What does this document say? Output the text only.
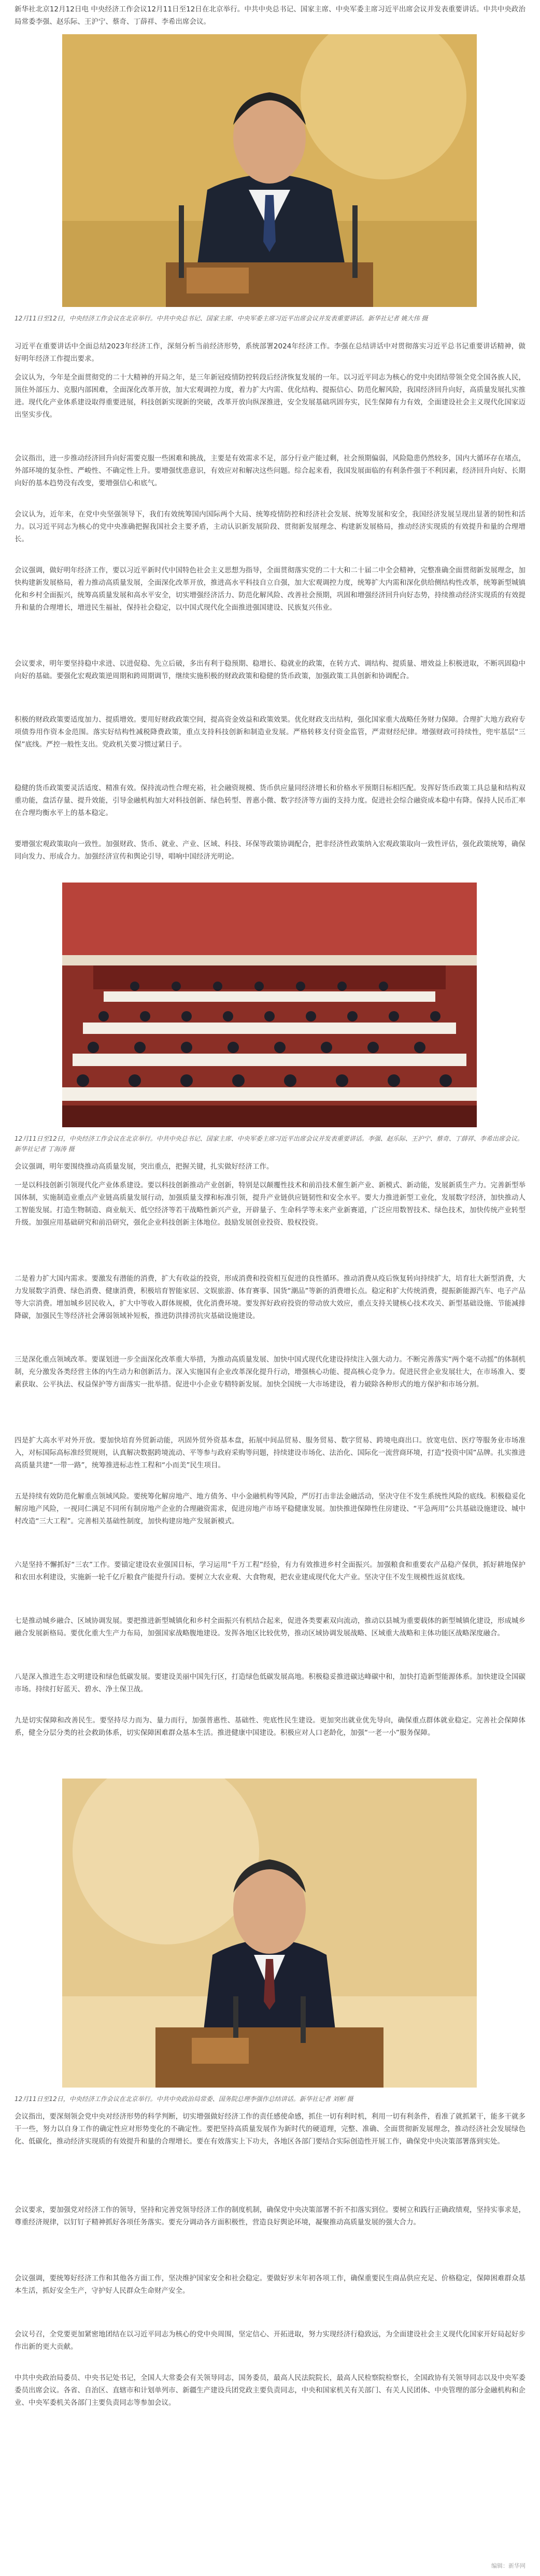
新华社北京12月12日电 中央经济工作会议12月11日至12日在北京举行。中共中央总书记、国家主席、中央军委主席习近平出席会议并发表重要讲话。中共中央政治局常委李强、赵乐际、王沪宁、蔡奇、丁薛祥、李希出席会议。

12月11日至12日，中央经济工作会议在北京举行。中共中央总书记、国家主席、中央军委主席习近平出席会议并发表重要讲话。新华社记者 姚大伟 摄

习近平在重要讲话中全面总结2023年经济工作，深刻分析当前经济形势，系统部署2024年经济工作。李强在总结讲话中对贯彻落实习近平总书记重要讲话精神，做好明年经济工作提出要求。

会议认为，今年是全面贯彻党的二十大精神的开局之年，是三年新冠疫情防控转段后经济恢复发展的一年。以习近平同志为核心的党中央团结带领全党全国各族人民，顶住外部压力、克服内部困难，全面深化改革开放，加大宏观调控力度，着力扩大内需、优化结构、提振信心、防范化解风险，我国经济回升向好，高质量发展扎实推进。现代化产业体系建设取得重要进展，科技创新实现新的突破，改革开放向纵深推进，安全发展基础巩固夯实，民生保障有力有效，全面建设社会主义现代化国家迈出坚实步伐。

会议指出，进一步推动经济回升向好需要克服一些困难和挑战，主要是有效需求不足，部分行业产能过剩，社会预期偏弱，风险隐患仍然较多，国内大循环存在堵点，外部环境的复杂性、严峻性、不确定性上升。要增强忧患意识，有效应对和解决这些问题。综合起来看，我国发展面临的有利条件强于不利因素，经济回升向好、长期向好的基本趋势没有改变，要增强信心和底气。

会议认为，近年来，在党中央坚强领导下，我们有效统筹国内国际两个大局、统筹疫情防控和经济社会发展、统筹发展和安全，我国经济发展呈现出显著的韧性和活力。以习近平同志为核心的党中央准确把握我国社会主要矛盾，主动认识新发展阶段、贯彻新发展理念、构建新发展格局，推动经济实现质的有效提升和量的合理增长。

会议强调，做好明年经济工作，要以习近平新时代中国特色社会主义思想为指导，全面贯彻落实党的二十大和二十届二中全会精神，完整准确全面贯彻新发展理念，加快构建新发展格局，着力推动高质量发展，全面深化改革开放，推进高水平科技自立自强，加大宏观调控力度，统筹扩大内需和深化供给侧结构性改革，统筹新型城镇化和乡村全面振兴，统筹高质量发展和高水平安全，切实增强经济活力、防范化解风险、改善社会预期，巩固和增强经济回升向好态势，持续推动经济实现质的有效提升和量的合理增长，增进民生福祉，保持社会稳定，以中国式现代化全面推进强国建设、民族复兴伟业。

会议要求，明年要坚持稳中求进、以进促稳、先立后破，多出有利于稳预期、稳增长、稳就业的政策，在转方式、调结构、提质量、增效益上积极进取，不断巩固稳中向好的基础。要强化宏观政策逆周期和跨周期调节，继续实施积极的财政政策和稳健的货币政策，加强政策工具创新和协调配合。

积极的财政政策要适度加力、提质增效。要用好财政政策空间，提高资金效益和政策效果。优化财政支出结构，强化国家重大战略任务财力保障。合理扩大地方政府专项债券用作资本金范围。落实好结构性减税降费政策，重点支持科技创新和制造业发展。严格转移支付资金监管，严肃财经纪律。增强财政可持续性，兜牢基层“三保”底线。严控一般性支出。党政机关要习惯过紧日子。

稳健的货币政策要灵活适度、精准有效。保持流动性合理充裕，社会融资规模、货币供应量同经济增长和价格水平预期目标相匹配。发挥好货币政策工具总量和结构双重功能，盘活存量、提升效能，引导金融机构加大对科技创新、绿色转型、普惠小微、数字经济等方面的支持力度。促进社会综合融资成本稳中有降。保持人民币汇率在合理均衡水平上的基本稳定。

要增强宏观政策取向一致性。加强财政、货币、就业、产业、区域、科技、环保等政策协调配合，把非经济性政策纳入宏观政策取向一致性评估，强化政策统筹，确保同向发力、形成合力。加强经济宣传和舆论引导，唱响中国经济光明论。

12月11日至12日，中央经济工作会议在北京举行。中共中央总书记、国家主席、中央军委主席习近平出席会议并发表重要讲话。李强、赵乐际、王沪宁、蔡奇、丁薛祥、李希出席会议。新华社记者 丁海涛 摄

会议强调，明年要围绕推动高质量发展，突出重点，把握关键，扎实做好经济工作。

一是以科技创新引领现代化产业体系建设。要以科技创新推动产业创新，特别是以颠覆性技术和前沿技术催生新产业、新模式、新动能，发展新质生产力。完善新型举国体制，实施制造业重点产业链高质量发展行动，加强质量支撑和标准引领，提升产业链供应链韧性和安全水平。要大力推进新型工业化，发展数字经济，加快推动人工智能发展。打造生物制造、商业航天、低空经济等若干战略性新兴产业，开辟量子、生命科学等未来产业新赛道，广泛应用数智技术、绿色技术，加快传统产业转型升级。加强应用基础研究和前沿研究，强化企业科技创新主体地位。鼓励发展创业投资、股权投资。

二是着力扩大国内需求。要激发有潜能的消费，扩大有收益的投资，形成消费和投资相互促进的良性循环。推动消费从疫后恢复转向持续扩大，培育壮大新型消费，大力发展数字消费、绿色消费、健康消费，积极培育智能家居、文娱旅游、体育赛事、国货“潮品”等新的消费增长点。稳定和扩大传统消费，提振新能源汽车、电子产品等大宗消费。增加城乡居民收入，扩大中等收入群体规模，优化消费环境。要发挥好政府投资的带动放大效应，重点支持关键核心技术攻关、新型基础设施、节能减排降碳，加强民生等经济社会薄弱领域补短板，推进防洪排涝抗灾基础设施建设。

三是深化重点领域改革。要谋划进一步全面深化改革重大举措，为推动高质量发展、加快中国式现代化建设持续注入强大动力。不断完善落实“两个毫不动摇”的体制机制，充分激发各类经营主体的内生动力和创新活力。深入实施国有企业改革深化提升行动，增强核心功能、提高核心竞争力。促进民营企业发展壮大，在市场准入、要素获取、公平执法、权益保护等方面落实一批举措。促进中小企业专精特新发展。加快全国统一大市场建设，着力破除各种形式的地方保护和市场分割。

四是扩大高水平对外开放。要加快培育外贸新动能，巩固外贸外资基本盘，拓展中间品贸易、服务贸易、数字贸易、跨境电商出口。放宽电信、医疗等服务业市场准入，对标国际高标准经贸规则，认真解决数据跨境流动、平等参与政府采购等问题，持续建设市场化、法治化、国际化一流营商环境，打造“投资中国”品牌。扎实推进高质量共建“一带一路”，统筹推进标志性工程和“小而美”民生项目。

五是持续有效防范化解重点领域风险。要统筹化解房地产、地方债务、中小金融机构等风险，严厉打击非法金融活动，坚决守住不发生系统性风险的底线。积极稳妥化解房地产风险，一视同仁满足不同所有制房地产企业的合理融资需求，促进房地产市场平稳健康发展。加快推进保障性住房建设、“平急两用”公共基础设施建设、城中村改造“三大工程”。完善相关基础性制度，加快构建房地产发展新模式。

六是坚持不懈抓好“三农”工作。要锚定建设农业强国目标，学习运用“千万工程”经验，有力有效推进乡村全面振兴。加强粮食和重要农产品稳产保供，抓好耕地保护和农田水利建设，实施新一轮千亿斤粮食产能提升行动。要树立大农业观、大食物观，把农业建成现代化大产业。坚决守住不发生规模性返贫底线。

七是推动城乡融合、区域协调发展。要把推进新型城镇化和乡村全面振兴有机结合起来，促进各类要素双向流动，推动以县城为重要载体的新型城镇化建设，形成城乡融合发展新格局。要优化重大生产力布局，加强国家战略腹地建设。发挥各地区比较优势，推动区域协调发展战略、区域重大战略和主体功能区战略深度融合。

八是深入推进生态文明建设和绿色低碳发展。要建设美丽中国先行区，打造绿色低碳发展高地。积极稳妥推进碳达峰碳中和，加快打造新型能源体系。加快建设全国碳市场。持续打好蓝天、碧水、净土保卫战。

九是切实保障和改善民生。要坚持尽力而为、量力而行，加强普惠性、基础性、兜底性民生建设。更加突出就业优先导向，确保重点群体就业稳定。完善社会保障体系，健全分层分类的社会救助体系，切实保障困难群众基本生活。推进健康中国建设。积极应对人口老龄化，加强“一老一小”服务保障。

12月11日至12日，中央经济工作会议在北京举行。中共中央政治局常委、国务院总理李强作总结讲话。新华社记者 刘彬 摄

会议指出，要深刻领会党中央对经济形势的科学判断，切实增强做好经济工作的责任感使命感，抓住一切有利时机，利用一切有利条件，看准了就抓紧干，能多干就多干一些，努力以自身工作的确定性应对形势变化的不确定性。要把坚持高质量发展作为新时代的硬道理，完整、准确、全面贯彻新发展理念，推动经济社会发展绿色化、低碳化，推动经济实现质的有效提升和量的合理增长。要在有效落实上下功夫，各地区各部门要结合实际创造性开展工作，确保党中央决策部署落到实处。

会议要求，要加强党对经济工作的领导，坚持和完善党领导经济工作的制度机制，确保党中央决策部署不折不扣落实到位。要树立和践行正确政绩观，坚持实事求是，尊重经济规律，以钉钉子精神抓好各项任务落实。要充分调动各方面积极性，营造良好舆论环境，凝聚推动高质量发展的强大合力。

会议强调，要统筹好经济工作和其他各方面工作，坚决维护国家安全和社会稳定。要做好岁末年初各项工作，确保重要民生商品供应充足、价格稳定，保障困难群众基本生活，抓好安全生产，守护好人民群众生命财产安全。

会议号召，全党要更加紧密地团结在以习近平同志为核心的党中央周围，坚定信心、开拓进取，努力实现经济行稳致远，为全面建设社会主义现代化国家开好局起好步作出新的更大贡献。

中共中央政治局委员、中央书记处书记，全国人大常委会有关领导同志，国务委员，最高人民法院院长，最高人民检察院检察长，全国政协有关领导同志以及中央军委委员出席会议。各省、自治区、直辖市和计划单列市、新疆生产建设兵团党政主要负责同志，中央和国家机关有关部门、有关人民团体、中央管理的部分金融机构和企业、中央军委机关各部门主要负责同志等参加会议。

编辑：新华网
